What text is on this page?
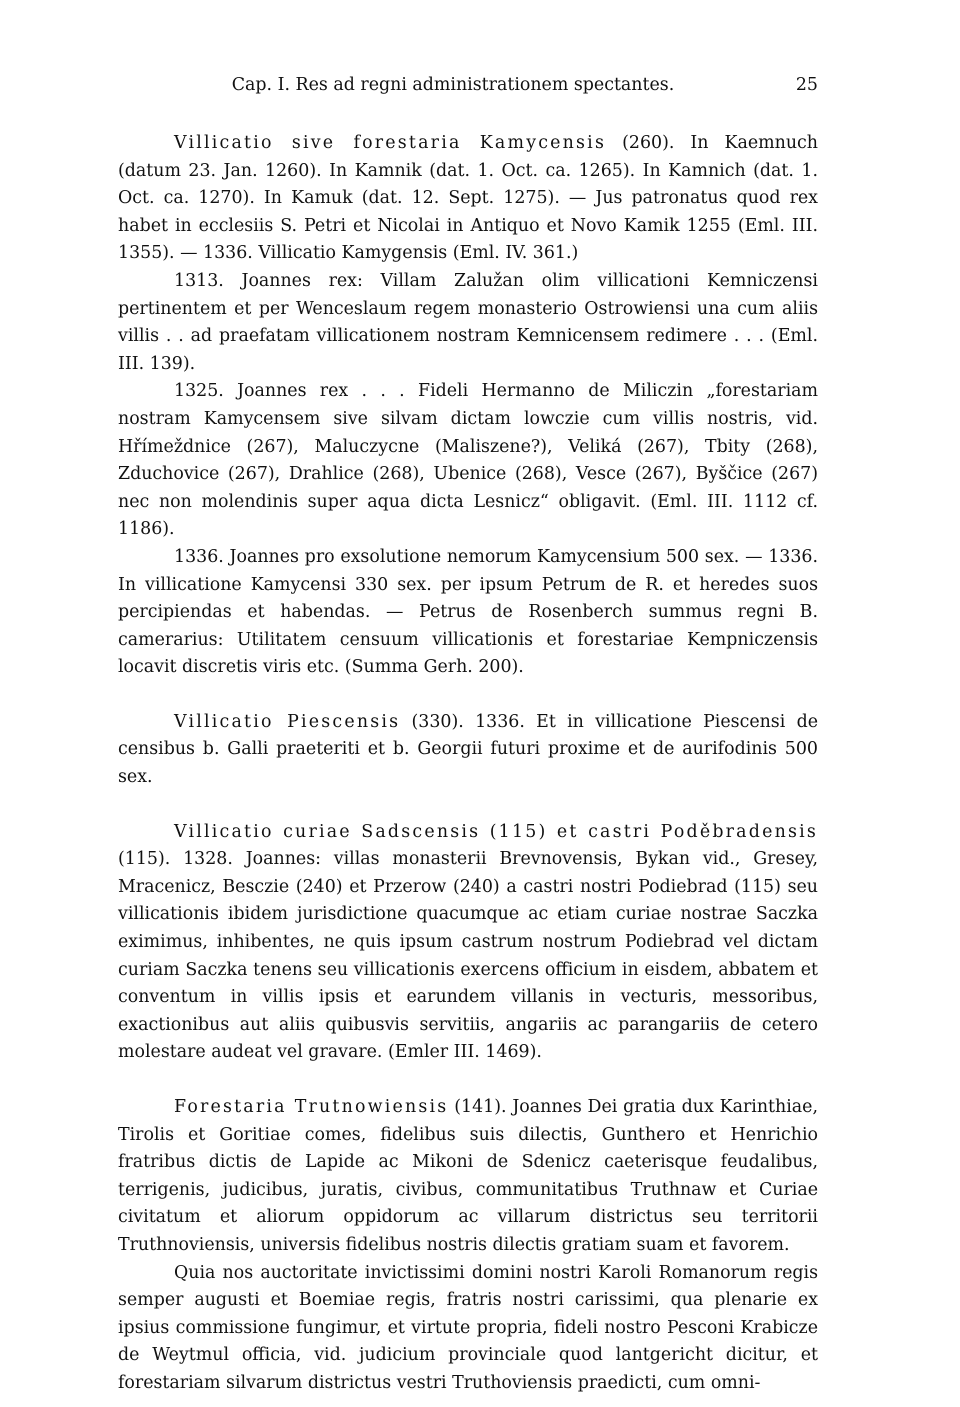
Cap. I. Res ad regni administrationem spectantes.	25

Villicatio sive forestaria Kamycensis (260). In Kaemnuch (datum 23. Jan. 1260). In Kamnik (dat. 1. Oct. ca. 1265). In Kamnich (dat. 1. Oct. ca. 1270). In Kamuk (dat. 12. Sept. 1275). — Jus patronatus quod rex habet in ecclesiis S. Petri et Nicolai in Antiquo et Novo Kamik 1255 (Eml. III. 1355). — 1336. Villicatio Kamygensis (Eml. IV. 361.)

1313. Joannes rex: Villam Zalužan olim villicationi Kemniczensi pertinentem et per Wenceslaum regem monasterio Ostrowiensi una cum aliis villis . . ad praefatam villicationem nostram Kemnicensem redimere . . . (Eml. III. 139).

1325. Joannes rex . . . Fideli Hermanno de Miliczin „forestariam nostram Kamycensem sive silvam dictam lowczie cum villis nostris, vid. Hřímeždnice (267), Maluczycne (Maliszene?), Veliká (267), Tbity (268), Zduchovice (267), Drahlice (268), Ubenice (268), Vesce (267), Byščice (267) nec non molendinis super aqua dicta Lesnicz“ obligavit. (Eml. III. 1112 cf. 1186).

1336. Joannes pro exsolutione nemorum Kamycensium 500 sex. — 1336. In villicatione Kamycensi 330 sex. per ipsum Petrum de R. et heredes suos percipiendas et habendas. — Petrus de Rosenberch summus regni B. camerarius: Utilitatem censuum villicationis et forestariae Kempniczensis locavit discretis viris etc. (Summa Gerh. 200).

Villicatio Piescensis (330). 1336. Et in villicatione Piescensi de censibus b. Galli praeteriti et b. Georgii futuri proxime et de aurifodinis 500 sex.

Villicatio curiae Sadscensis (115) et castri Poděbradensis (115). 1328. Joannes: villas monasterii Brevnovensis, Bykan vid., Gresey, Mracenicz, Besczie (240) et Przerow (240) a castri nostri Podiebrad (115) seu villicationis ibidem jurisdictione quacumque ac etiam curiae nostrae Saczka eximimus, inhibentes, ne quis ipsum castrum nostrum Podiebrad vel dictam curiam Saczka tenens seu villicationis exercens officium in eisdem, abbatem et conventum in villis ipsis et earundem villanis in vecturis, messoribus, exactionibus aut aliis quibusvis servitiis, angariis ac parangariis de cetero molestare audeat vel gravare. (Emler III. 1469).

Forestaria Trutnowiensis (141). Joannes Dei gratia dux Karinthiae, Tirolis et Goritiae comes, fidelibus suis dilectis, Gunthero et Henrichio fratribus dictis de Lapide ac Mikoni de Sdenicz caeterisque feudalibus, terrigenis, judicibus, juratis, civibus, communitatibus Truthnaw et Curiae civitatum et aliorum oppidorum ac villarum districtus seu territorii Truthnoviensis, universis fidelibus nostris dilectis gratiam suam et favorem.

Quia nos auctoritate invictissimi domini nostri Karoli Romanorum regis semper augusti et Boemiae regis, fratris nostri carissimi, qua plenarie ex ipsius commissione fungimur, et virtute propria, fideli nostro Pesconi Krabicze de Weytmul officia, vid. judicium provinciale quod lantgericht dicitur, et forestariam silvarum districtus vestri Truthoviensis praedicti, cum omni-
